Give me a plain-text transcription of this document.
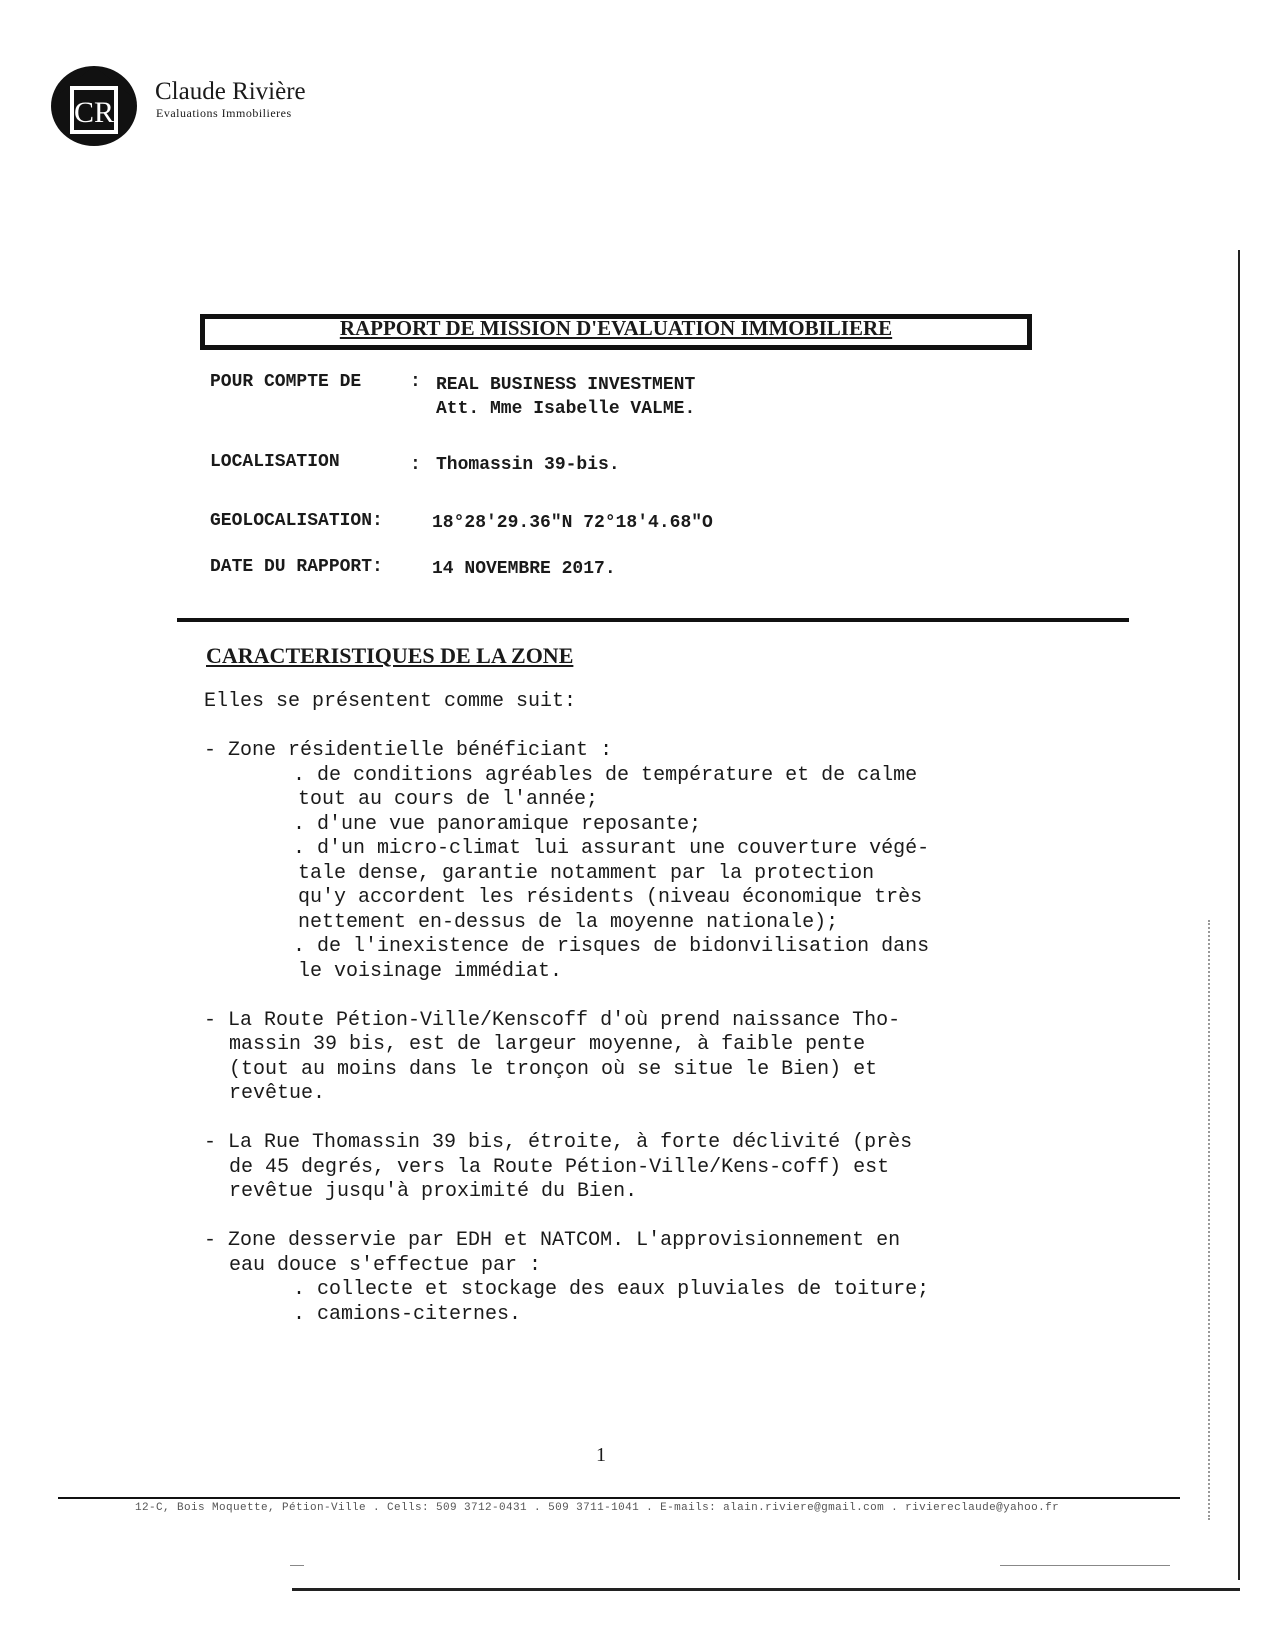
CR
Claude Rivière
Evaluations Immobilieres
RAPPORT DE MISSION D'EVALUATION IMMOBILIERE
POUR COMPTE DE	: REAL BUSINESS INVESTMENT
Att. Mme Isabelle VALME.
LOCALISATION	: Thomassin 39-bis.
GEOLOCALISATION:	18°28'29.36"N 72°18'4.68"O
DATE DU RAPPORT:	14 NOVEMBRE 2017.
CARACTERISTIQUES DE LA ZONE
Elles se présentent comme suit:
- Zone résidentielle bénéficiant :
. de conditions agréables de température et de calme
tout au cours de l'année;
. d'une vue panoramique reposante;
. d'un micro-climat lui assurant une couverture végé-
tale dense, garantie notamment par la protection
qu'y accordent les résidents (niveau économique très
nettement en-dessus de la moyenne nationale);
. de l'inexistence de risques de bidonvilisation dans
le voisinage immédiat.
- La Route Pétion-Ville/Kenscoff d'où prend naissance Tho-
massin 39 bis, est de largeur moyenne, à faible pente
(tout au moins dans le tronçon où se situe le Bien) et
revêtue.
- La Rue Thomassin 39 bis, étroite, à forte déclivité (près
de 45 degrés, vers la Route Pétion-Ville/Kens-coff) est
revêtue jusqu'à proximité du Bien.
- Zone desservie par EDH et NATCOM. L'approvisionnement en
eau douce s'effectue par :
. collecte et stockage des eaux pluviales de toiture;
. camions-citernes.
1
12-C, Bois Moquette, Pétion-Ville . Cells: 509 3712-0431 . 509 3711-1041 . E-mails: alain.riviere@gmail.com . riviereclaude@yahoo.fr
